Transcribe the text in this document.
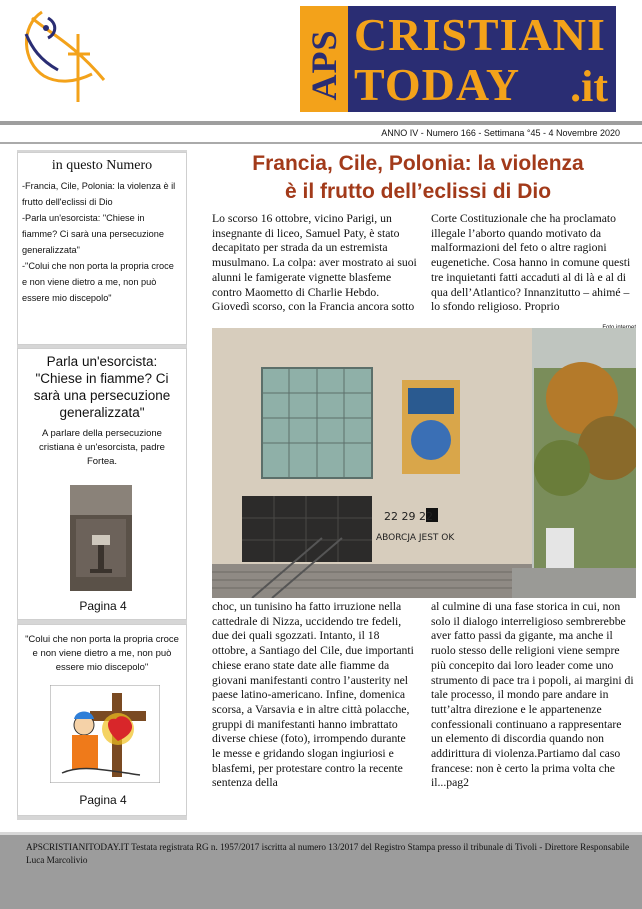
APS CRISTIANI
TODAY .it
ANNO IV - Numero 166 - Settimana °45 - 4 Novembre 2020
in questo Numero
-Francia, Cile, Polonia: la violenza è il frutto dell'eclissi di Dio
-Parla un'esorcista: "Chiese in fiamme? Ci sarà una persecuzione generalizzata"
-"Colui che non porta la propria croce e non viene dietro a me, non può essere mio discepolo"
Parla un'esorcista: "Chiese in fiamme? Ci sarà una persecuzione generalizzata"
A parlare della persecuzione cristiana è un'esorcista, padre Fortea.
Pagina 4
"Colui che non porta la propria croce e non viene dietro a me, non può essere mio discepolo"
Pagina 4
Francia, Cile, Polonia: la violenza
è il frutto dell’eclissi di Dio
Lo scorso 16 ottobre, vicino Parigi, un insegnante di liceo, Samuel Paty, è stato decapitato per strada da un estremista musulmano. La colpa: aver mostrato ai suoi alunni le famigerate vignette blasfeme contro Maometto di Charlie Hebdo. Giovedì scorso, con la Francia ancora sotto
Corte Costituzionale che ha proclamato illegale l’aborto quando motivato da malformazioni del feto o altre ragioni eugenetiche. Cosa hanno in comune questi tre inquietanti fatti accaduti al di là e al di qua dell’Atlantico? Innanzitutto – ahimé – lo sfondo religioso. Proprio
22 29 22
ABORCJA JEST OK
choc, un tunisino ha fatto irruzione nella cattedrale di Nizza, uccidendo tre fedeli, due dei quali sgozzati. Intanto, il 18 ottobre, a Santiago del Cile, due importanti chiese erano state date alle fiamme da giovani manifestanti contro l’austerity nel paese latino-americano. Infine, domenica scorsa, a Varsavia e in altre città polacche, gruppi di manifestanti hanno imbrattato diverse chiese (foto), irrompendo durante le messe e gridando slogan ingiuriosi e blasfemi, per protestare contro la recente sentenza della
al culmine di una fase storica in cui, non solo il dialogo interreligioso sembrerebbe aver fatto passi da gigante, ma anche il ruolo stesso delle religioni viene sempre più concepito dai loro leader come uno strumento di pace tra i popoli, ai margini di tale processo, il mondo pare andare in tutt’altra direzione e le appartenenze confessionali continuano a rappresentare un elemento di discordia quando non addirittura di violenza.Partiamo dal caso francese: non è certo la prima volta che il...pag2
APSCRISTIANITODAY.IT Testata registrata RG n. 1957/2017 iscritta al numero 13/2017 del Registro Stampa presso il tribunale di Tivoli - Direttore Responsabile Luca Marcolivio
